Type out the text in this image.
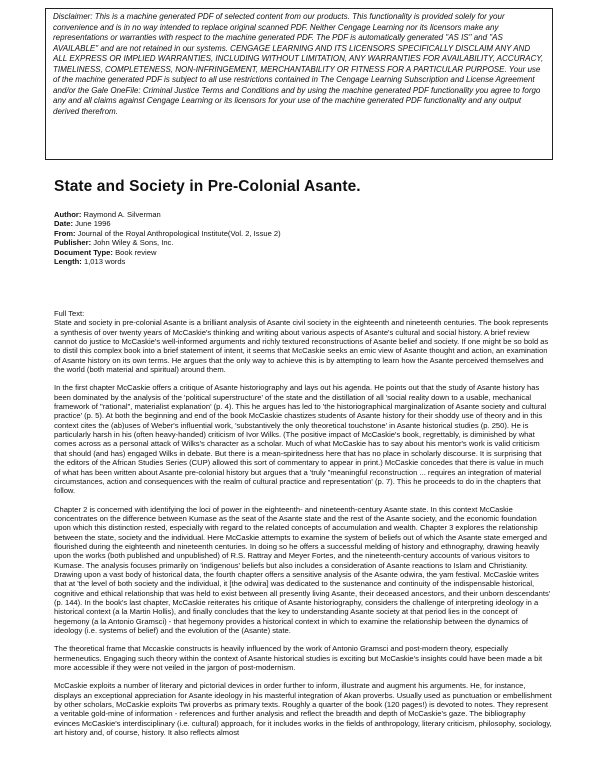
Disclaimer: This is a machine generated PDF of selected content from our products. This functionality is provided solely for your convenience and is in no way intended to replace original scanned PDF. Neither Cengage Learning nor its licensors make any representations or warranties with respect to the machine generated PDF. The PDF is automatically generated "AS IS" and "AS AVAILABLE" and are not retained in our systems. CENGAGE LEARNING AND ITS LICENSORS SPECIFICALLY DISCLAIM ANY AND ALL EXPRESS OR IMPLIED WARRANTIES, INCLUDING WITHOUT LIMITATION, ANY WARRANTIES FOR AVAILABILITY, ACCURACY, TIMELINESS, COMPLETENESS, NON-INFRINGEMENT, MERCHANTABILITY OR FITNESS FOR A PARTICULAR PURPOSE. Your use of the machine generated PDF is subject to all use restrictions contained in The Cengage Learning Subscription and License Agreement and/or the Gale OneFile: Criminal Justice Terms and Conditions and by using the machine generated PDF functionality you agree to forgo any and all claims against Cengage Learning or its licensors for your use of the machine generated PDF functionality and any output derived therefrom.
State and Society in Pre-Colonial Asante.
Author: Raymond A. Silverman
Date: June 1996
From: Journal of the Royal Anthropological Institute(Vol. 2, Issue 2)
Publisher: John Wiley & Sons, Inc.
Document Type: Book review
Length: 1,013 words
Full Text:

State and society in pre-colonial Asante is a brilliant analysis of Asante civil society in the eighteenth and nineteenth centuries. The book represents a synthesis of over twenty years of McCaskie's thinking and writing about various aspects of Asante's cultural and social history. A brief review cannot do justice to McCaskie's well-informed arguments and richly textured reconstructions of Asante belief and society. If one might be so bold as to distil this complex book into a brief statement of intent, it seems that McCaskie seeks an emic view of Asante thought and action, an examination of Asante history on its own terms. He argues that the only way to achieve this is by attempting to learn how the Asante perceived themselves and the world (both material and spiritual) around them.

In the first chapter McCaskie offers a critique of Asante historiography and lays out his agenda. He points out that the study of Asante history has been dominated by the analysis of the 'political superstructure' of the state and the distillation of all 'social reality down to a usable, mechanical framework of "rational", materialist explanation' (p. 4). This he argues has led to 'the historiographical marginalization of Asante society and cultural practice' (p. 5). At both the beginning and end of the book McCaskie chastizes students of Asante history for their shoddy use of theory and in this context cites the (ab)uses of Weber's influential work, 'substantively the only theoretical touchstone' in Asante historical studies (p. 250). He is particularly harsh in his (often heavy-handed) criticism of Ivor Wilks. (The positive impact of McCaskie's book, regrettably, is diminished by what comes across as a personal attack of Wilks's character as a scholar. Much of what McCaskie has to say about his mentor's work is valid criticism that should (and has) engaged Wilks in debate. But there is a mean-spiritedness here that has no place in scholarly discourse. It is surprising that the editors of the African Studies Series (CUP) allowed this sort of commentary to appear in print.) McCaskie concedes that there is value in much of what has been written about Asante pre-colonial history but argues that a 'truly "meaningful reconstruction ... requires an integration of material circumstances, action and consequences with the realm of cultural practice and representation' (p. 7). This he proceeds to do in the chapters that follow.

Chapter 2 is concerned with identifying the loci of power in the eighteenth- and nineteenth-century Asante state. In this context McCaskie concentrates on the difference between Kumase as the seat of the Asante state and the rest of the Asante society, and the economic foundation upon which this distinction rested, especially with regard to the related concepts of accumulation and wealth. Chapter 3 explores the relationship between the state, society and the individual. Here McCaskie attempts to examine the system of beliefs out of which the Asante state emerged and flourished during the eighteenth and nineteenth centuries. In doing so he offers a successful melding of history and ethnography, drawing heavily upon the works (both published and unpublished) of R.S. Rattray and Meyer Fortes, and the nineteenth-century accounts of various visitors to Kumase. The analysis focuses primarily on 'indigenous' beliefs but also includes a consideration of Asante reactions to Islam and Christianity. Drawing upon a vast body of historical data, the fourth chapter offers a sensitive analysis of the Asante odwira, the yam festival. McCaskie writes that at 'the level of both society and the individual, it [the odwira] was dedicated to the sustenance and continuity of the indispensable historical, cognitive and ethical relationship that was held to exist between all presently living Asante, their deceased ancestors, and their unborn descendants' (p. 144). In the book's last chapter, McCaskie reiterates his critique of Asante historiography, considers the challenge of interpreting ideology in a historical context (a la Martin Hollis), and finally concludes that the key to understanding Asante society at that period lies in the concept of hegemony (a la Antonio Gramsci) - that hegemony provides a historical context in which to examine the relationship between the dynamics of ideology (i.e. systems of belief) and the evolution of the (Asante) state.

The theoretical frame that Mccaskie constructs is heavily influenced by the work of Antonio Gramsci and post-modern theory, especially hermeneutics. Engaging such theory within the context of Asante historical studies is exciting but McCaskie's insights could have been made a bit more accessible if they were not veiled in the jargon of post-modernism.

McCaskie exploits a number of literary and pictorial devices in order further to inform, illustrate and augment his arguments. He, for instance, displays an exceptional appreciation for Asante ideology in his masterful integration of Akan proverbs. Usually used as punctuation or embellishment by other scholars, McCaskie exploits Twi proverbs as primary texts. Roughly a quarter of the book (120 pages!) is devoted to notes. They represent a veritable gold-mine of information - references and further analysis and reflect the breadth and depth of McCaskie's gaze. The bibliography evinces McCaskie's interdisciplinary (i.e. cultural) approach, for it includes works in the fields of anthropology, literary criticism, philosophy, sociology, art history and, of course, history. It also reflects almost
